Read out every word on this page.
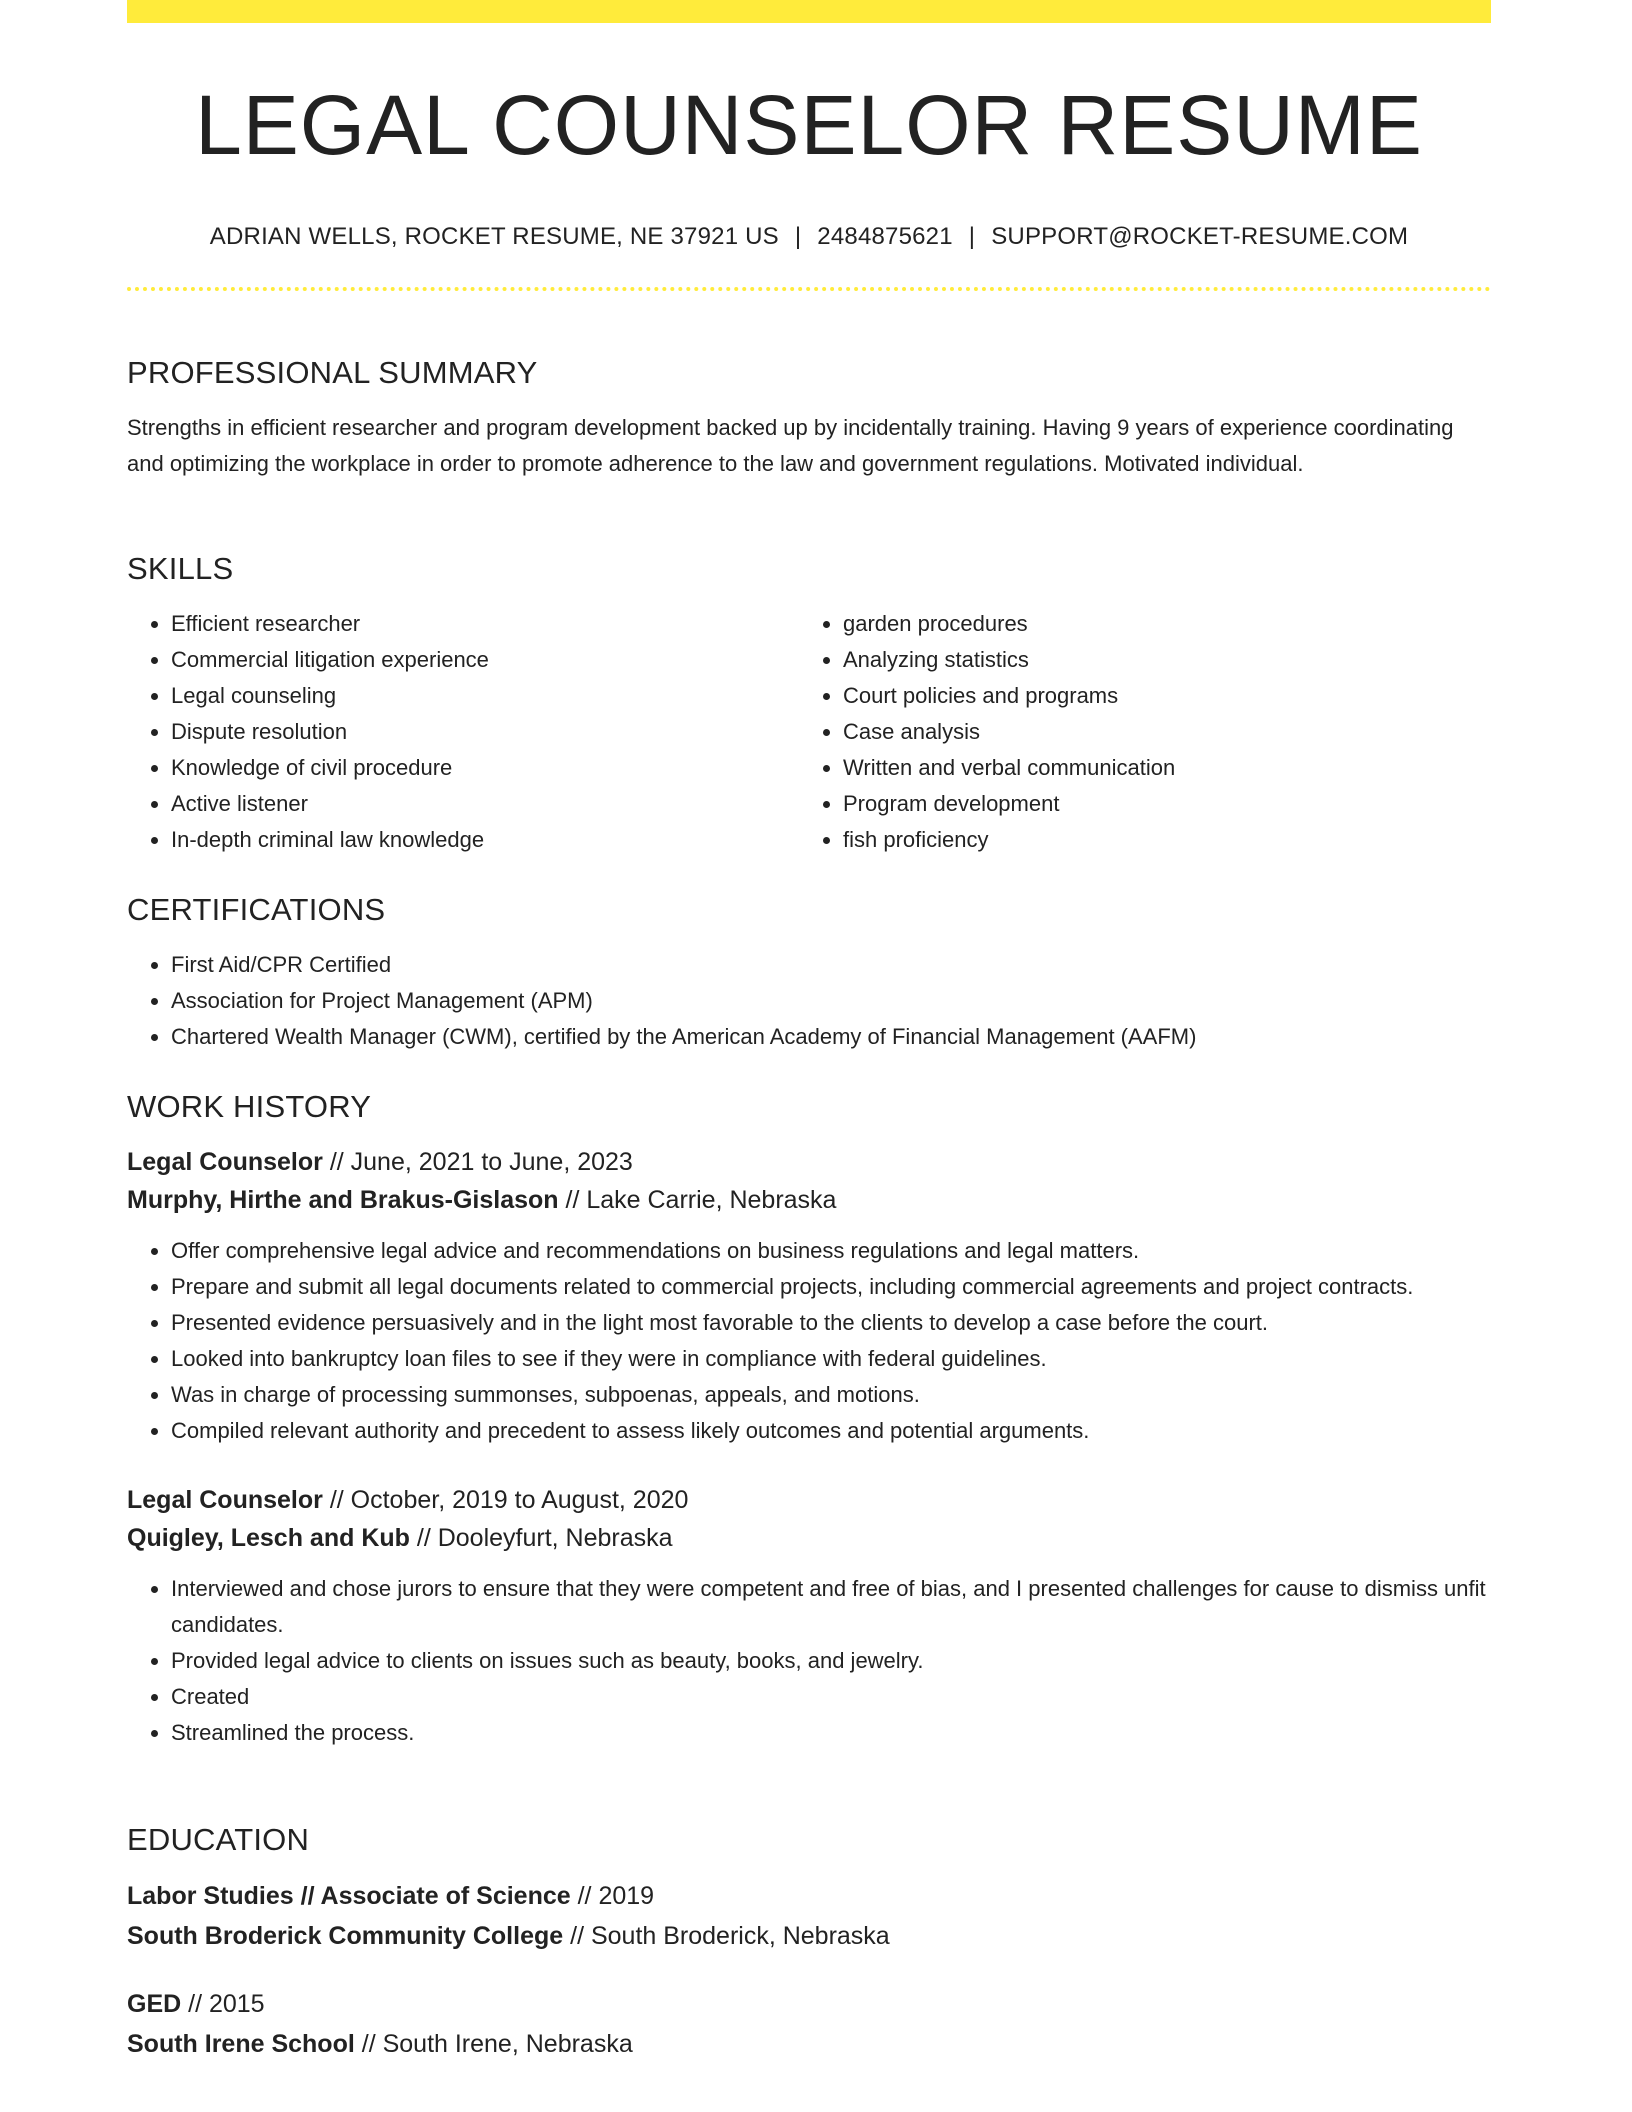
LEGAL COUNSELOR RESUME
ADRIAN WELLS, ROCKET RESUME, NE 37921 US | 2484875621 | SUPPORT@ROCKET-RESUME.COM
PROFESSIONAL SUMMARY

Strengths in efficient researcher and program development backed up by incidentally training. Having 9 years of experience coordinating and optimizing the workplace in order to promote adherence to the law and government regulations. Motivated individual.

SKILLS
• Efficient researcher
• Commercial litigation experience
• Legal counseling
• Dispute resolution
• Knowledge of civil procedure
• Active listener
• In-depth criminal law knowledge
• garden procedures
• Analyzing statistics
• Court policies and programs
• Case analysis
• Written and verbal communication
• Program development
• fish proficiency
CERTIFICATIONS
• First Aid/CPR Certified
• Association for Project Management (APM)
• Chartered Wealth Manager (CWM), certified by the American Academy of Financial Management (AAFM)
WORK HISTORY
Legal Counselor // June, 2021 to June, 2023
Murphy, Hirthe and Brakus-Gislason // Lake Carrie, Nebraska
• Offer comprehensive legal advice and recommendations on business regulations and legal matters.
• Prepare and submit all legal documents related to commercial projects, including commercial agreements and project contracts.
• Presented evidence persuasively and in the light most favorable to the clients to develop a case before the court.
• Looked into bankruptcy loan files to see if they were in compliance with federal guidelines.
• Was in charge of processing summonses, subpoenas, appeals, and motions.
• Compiled relevant authority and precedent to assess likely outcomes and potential arguments.
Legal Counselor // October, 2019 to August, 2020
Quigley, Lesch and Kub // Dooleyfurt, Nebraska
• Interviewed and chose jurors to ensure that they were competent and free of bias, and I presented challenges for cause to dismiss unfit candidates.
• Provided legal advice to clients on issues such as beauty, books, and jewelry.
• Created
• Streamlined the process.
EDUCATION
Labor Studies // Associate of Science // 2019
South Broderick Community College // South Broderick, Nebraska
GED // 2015
South Irene School // South Irene, Nebraska
